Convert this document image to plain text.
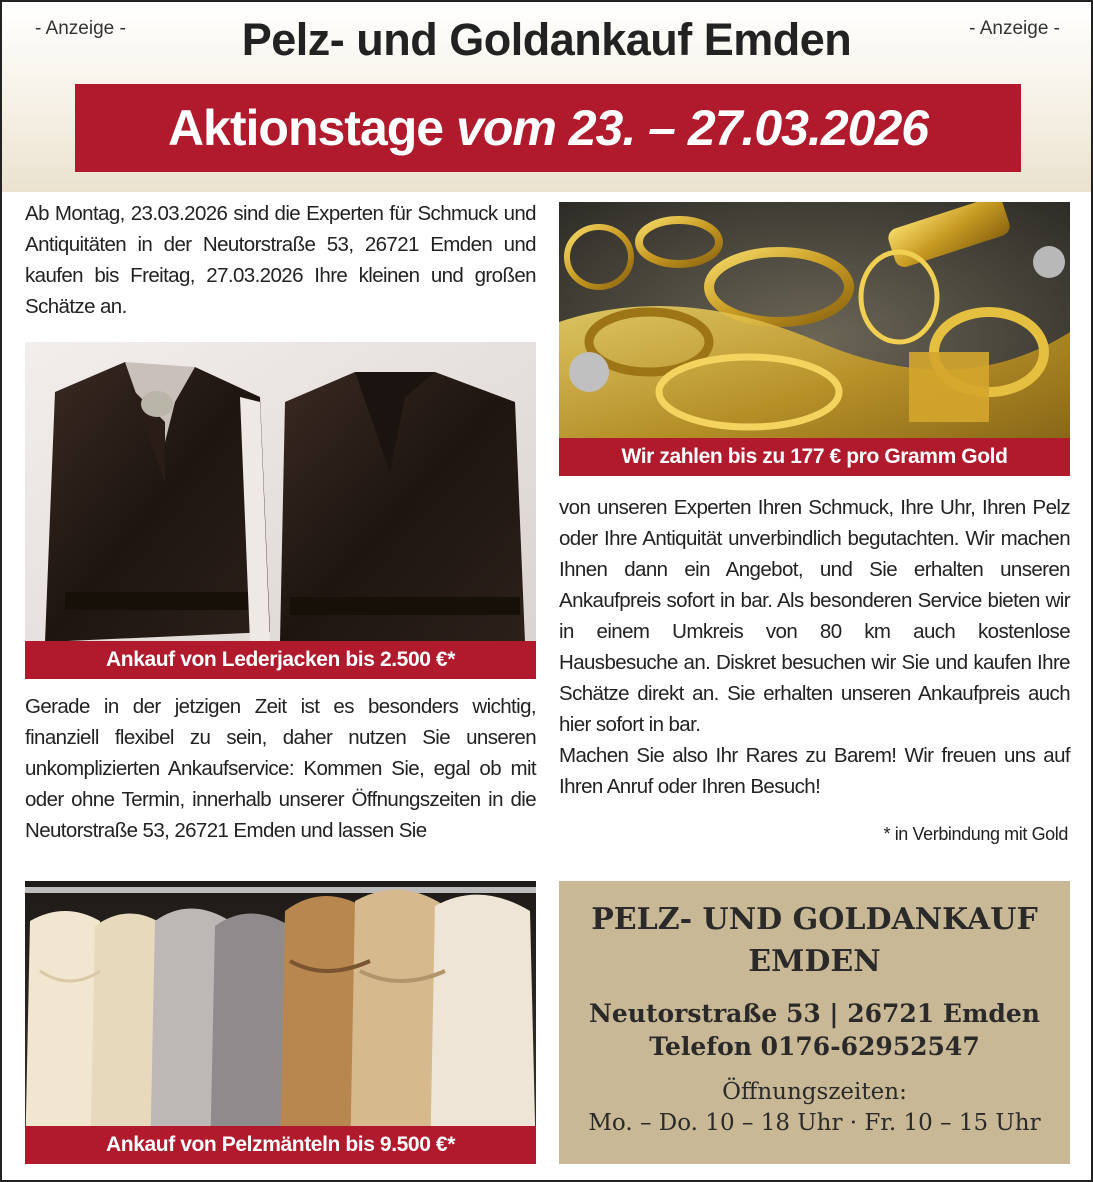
- Anzeige -	- Anzeige -
Pelz- und Goldankauf Emden
Aktionstage vom 23. – 27.03.2026
Ab Montag, 23.03.2026 sind die Experten für Schmuck und Antiquitäten in der Neutorstraße 53, 26721 Emden und kaufen bis Freitag, 27.03.2026 Ihre kleinen und großen Schätze an.
Ankauf von Lederjacken bis 2.500 €*
Gerade in der jetzigen Zeit ist es besonders wichtig, finanziell flexibel zu sein, daher nutzen Sie unseren unkomplizierten Ankaufservice: Kommen Sie, egal ob mit oder ohne Termin, innerhalb unserer Öffnungszeiten in die Neutorstraße 53, 26721 Emden und lassen Sie
Wir zahlen bis zu 177 € pro Gramm Gold
von unseren Experten Ihren Schmuck, Ihre Uhr, Ihren Pelz oder Ihre Antiquität unverbindlich begutachten. Wir machen Ihnen dann ein Angebot, und Sie erhalten unseren Ankaufpreis sofort in bar. Als besonderen Service bieten wir in einem Umkreis von 80 km auch kostenlose Hausbesuche an. Diskret besuchen wir Sie und kaufen Ihre Schätze direkt an. Sie erhalten unseren Ankaufpreis auch hier sofort in bar.
Machen Sie also Ihr Rares zu Barem! Wir freuen uns auf Ihren Anruf oder Ihren Besuch!
* in Verbindung mit Gold
Ankauf von Pelzmänteln bis 9.500 €*
PELZ- UND GOLDANKAUF EMDEN
Neutorstraße 53 | 26721 Emden
Telefon 0176-62952547
Öffnungszeiten:
Mo. – Do. 10 – 18 Uhr · Fr. 10 – 15 Uhr
